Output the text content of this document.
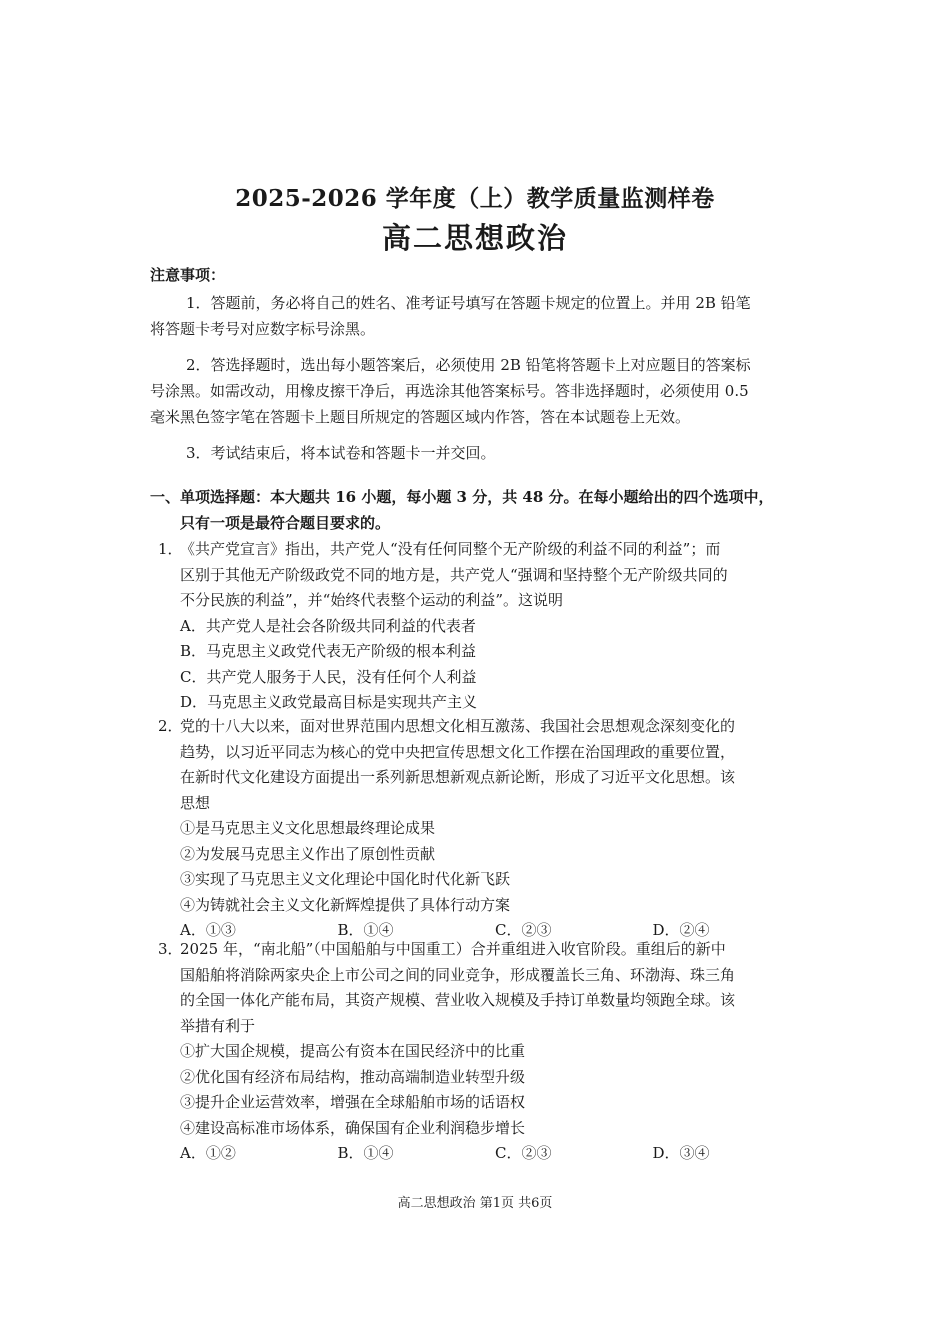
2025-2026 学年度（上）教学质量监测样卷
高二思想政治
注意事项：
1．答题前，务必将自己的姓名、准考证号填写在答题卡规定的位置上。并用 2B 铅笔
将答题卡考号对应数字标号涂黑。
2．答选择题时，选出每小题答案后，必须使用 2B 铅笔将答题卡上对应题目的答案标
号涂黑。如需改动，用橡皮擦干净后，再选涂其他答案标号。答非选择题时，必须使用 0.5
毫米黑色签字笔在答题卡上题目所规定的答题区域内作答，答在本试题卷上无效。
3．考试结束后，将本试卷和答题卡一并交回。
一、单项选择题：本大题共 16 小题，每小题 3 分，共 48 分。在每小题给出的四个选项中，
只有一项是最符合题目要求的。
1．
《共产党宣言》指出，共产党人“没有任何同整个无产阶级的利益不同的利益”；而
区别于其他无产阶级政党不同的地方是，共产党人“强调和坚持整个无产阶级共同的
不分民族的利益”，并“始终代表整个运动的利益”。这说明
A．共产党人是社会各阶级共同利益的代表者
B．马克思主义政党代表无产阶级的根本利益
C．共产党人服务于人民，没有任何个人利益
D．马克思主义政党最高目标是实现共产主义
2．
党的十八大以来，面对世界范围内思想文化相互激荡、我国社会思想观念深刻变化的
趋势，以习近平同志为核心的党中央把宣传思想文化工作摆在治国理政的重要位置，
在新时代文化建设方面提出一系列新思想新观点新论断，形成了习近平文化思想。该
思想
①是马克思主义文化思想最终理论成果
②为发展马克思主义作出了原创性贡献
③实现了马克思主义文化理论中国化时代化新飞跃
④为铸就社会主义文化新辉煌提供了具体行动方案
A．①③	B．①④	C．②③	D．②④
3．
2025 年，“南北船”（中国船舶与中国重工）合并重组进入收官阶段。重组后的新中
国船舶将消除两家央企上市公司之间的同业竞争，形成覆盖长三角、环渤海、珠三角
的全国一体化产能布局，其资产规模、营业收入规模及手持订单数量均领跑全球。该
举措有利于
①扩大国企规模，提高公有资本在国民经济中的比重
②优化国有经济布局结构，推动高端制造业转型升级
③提升企业运营效率，增强在全球船舶市场的话语权
④建设高标准市场体系，确保国有企业利润稳步增长
A．①②	B．①④	C．②③	D．③④
高二思想政治 第1页 共6页
